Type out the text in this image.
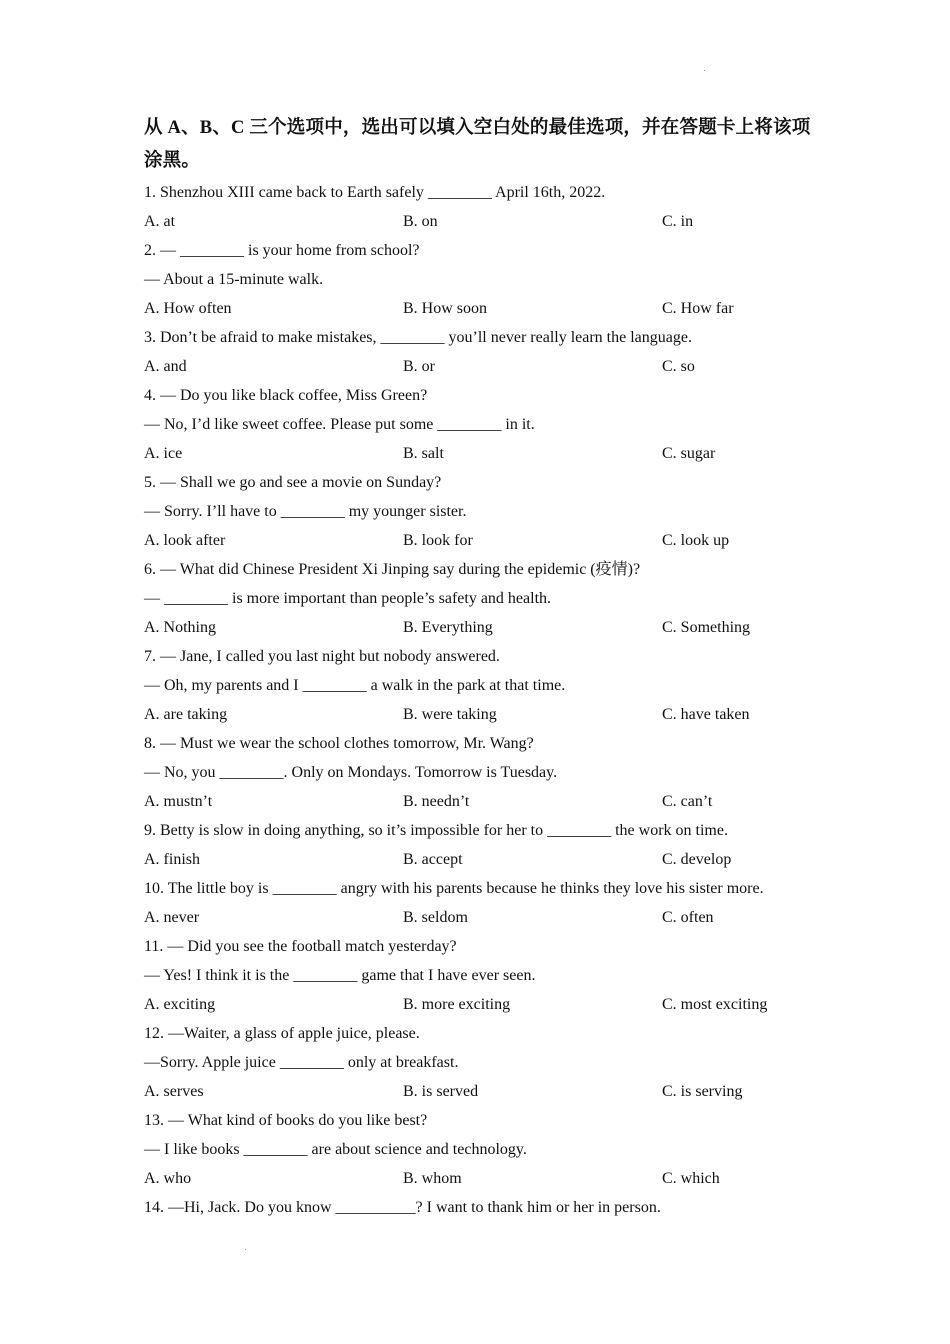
从 A、B、C 三个选项中，选出可以填入空白处的最佳选项，并在答题卡上将该项涂黑。
1. Shenzhou XIII came back to Earth safely ________ April 16th, 2022.
A. at	B. on	C. in
2. — ________ is your home from school?
— About a 15-minute walk.
A. How often	B. How soon	C. How far
3. Don’t be afraid to make mistakes, ________ you’ll never really learn the language.
A. and	B. or	C. so
4. — Do you like black coffee, Miss Green?
— No, I’d like sweet coffee. Please put some ________ in it.
A. ice	B. salt	C. sugar
5. — Shall we go and see a movie on Sunday?
— Sorry. I’ll have to ________ my younger sister.
A. look after	B. look for	C. look up
6. — What did Chinese President Xi Jinping say during the epidemic (疫情)?
— ________ is more important than people’s safety and health.
A. Nothing	B. Everything	C. Something
7. — Jane, I called you last night but nobody answered.
— Oh, my parents and I ________ a walk in the park at that time.
A. are taking	B. were taking	C. have taken
8. — Must we wear the school clothes tomorrow, Mr. Wang?
— No, you ________. Only on Mondays. Tomorrow is Tuesday.
A. mustn’t	B. needn’t	C. can’t
9. Betty is slow in doing anything, so it’s impossible for her to ________ the work on time.
A. finish	B. accept	C. develop
10. The little boy is ________ angry with his parents because he thinks they love his sister more.
A. never	B. seldom	C. often
11. — Did you see the football match yesterday?
— Yes! I think it is the ________ game that I have ever seen.
A. exciting	B. more exciting	C. most exciting
12. —Waiter, a glass of apple juice, please.
—Sorry. Apple juice ________ only at breakfast.
A. serves	B. is served	C. is serving
13. — What kind of books do you like best?
— I like books ________ are about science and technology.
A. who	B. whom	C. which
14. —Hi, Jack. Do you know __________? I want to thank him or her in person.
